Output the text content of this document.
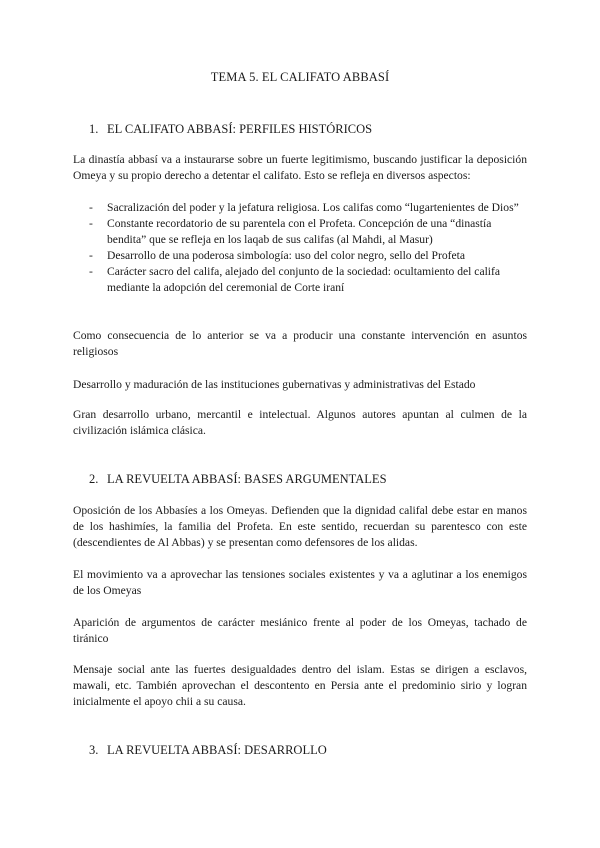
TEMA 5. EL CALIFATO ABBASÍ
1. EL CALIFATO ABBASÍ: PERFILES HISTÓRICOS

La dinastía abbasí va a instaurarse sobre un fuerte legitimismo, buscando justificar la deposición Omeya y su propio derecho a detentar el califato. Esto se refleja en diversos aspectos:

- Sacralización del poder y la jefatura religiosa. Los califas como “lugartenientes de Dios”
- Constante recordatorio de su parentela con el Profeta. Concepción de una “dinastía bendita” que se refleja en los laqab de sus califas (al Mahdi, al Masur)
- Desarrollo de una poderosa simbología: uso del color negro, sello del Profeta
- Carácter sacro del califa, alejado del conjunto de la sociedad: ocultamiento del califa mediante la adopción del ceremonial de Corte iraní

Como consecuencia de lo anterior se va a producir una constante intervención en asuntos religiosos

Desarrollo y maduración de las instituciones gubernativas y administrativas del Estado

Gran desarrollo urbano, mercantil e intelectual. Algunos autores apuntan al culmen de la civilización islámica clásica.

2. LA REVUELTA ABBASÍ: BASES ARGUMENTALES

Oposición de los Abbasíes a los Omeyas. Defienden que la dignidad califal debe estar en manos de los hashimíes, la familia del Profeta. En este sentido, recuerdan su parentesco con este (descendientes de Al Abbas) y se presentan como defensores de los alidas.

El movimiento va a aprovechar las tensiones sociales existentes y va a aglutinar a los enemigos de los Omeyas

Aparición de argumentos de carácter mesiánico frente al poder de los Omeyas, tachado de tiránico

Mensaje social ante las fuertes desigualdades dentro del islam. Estas se dirigen a esclavos, mawali, etc. También aprovechan el descontento en Persia ante el predominio sirio y logran inicialmente el apoyo chii a su causa.

3. LA REVUELTA ABBASÍ: DESARROLLO
